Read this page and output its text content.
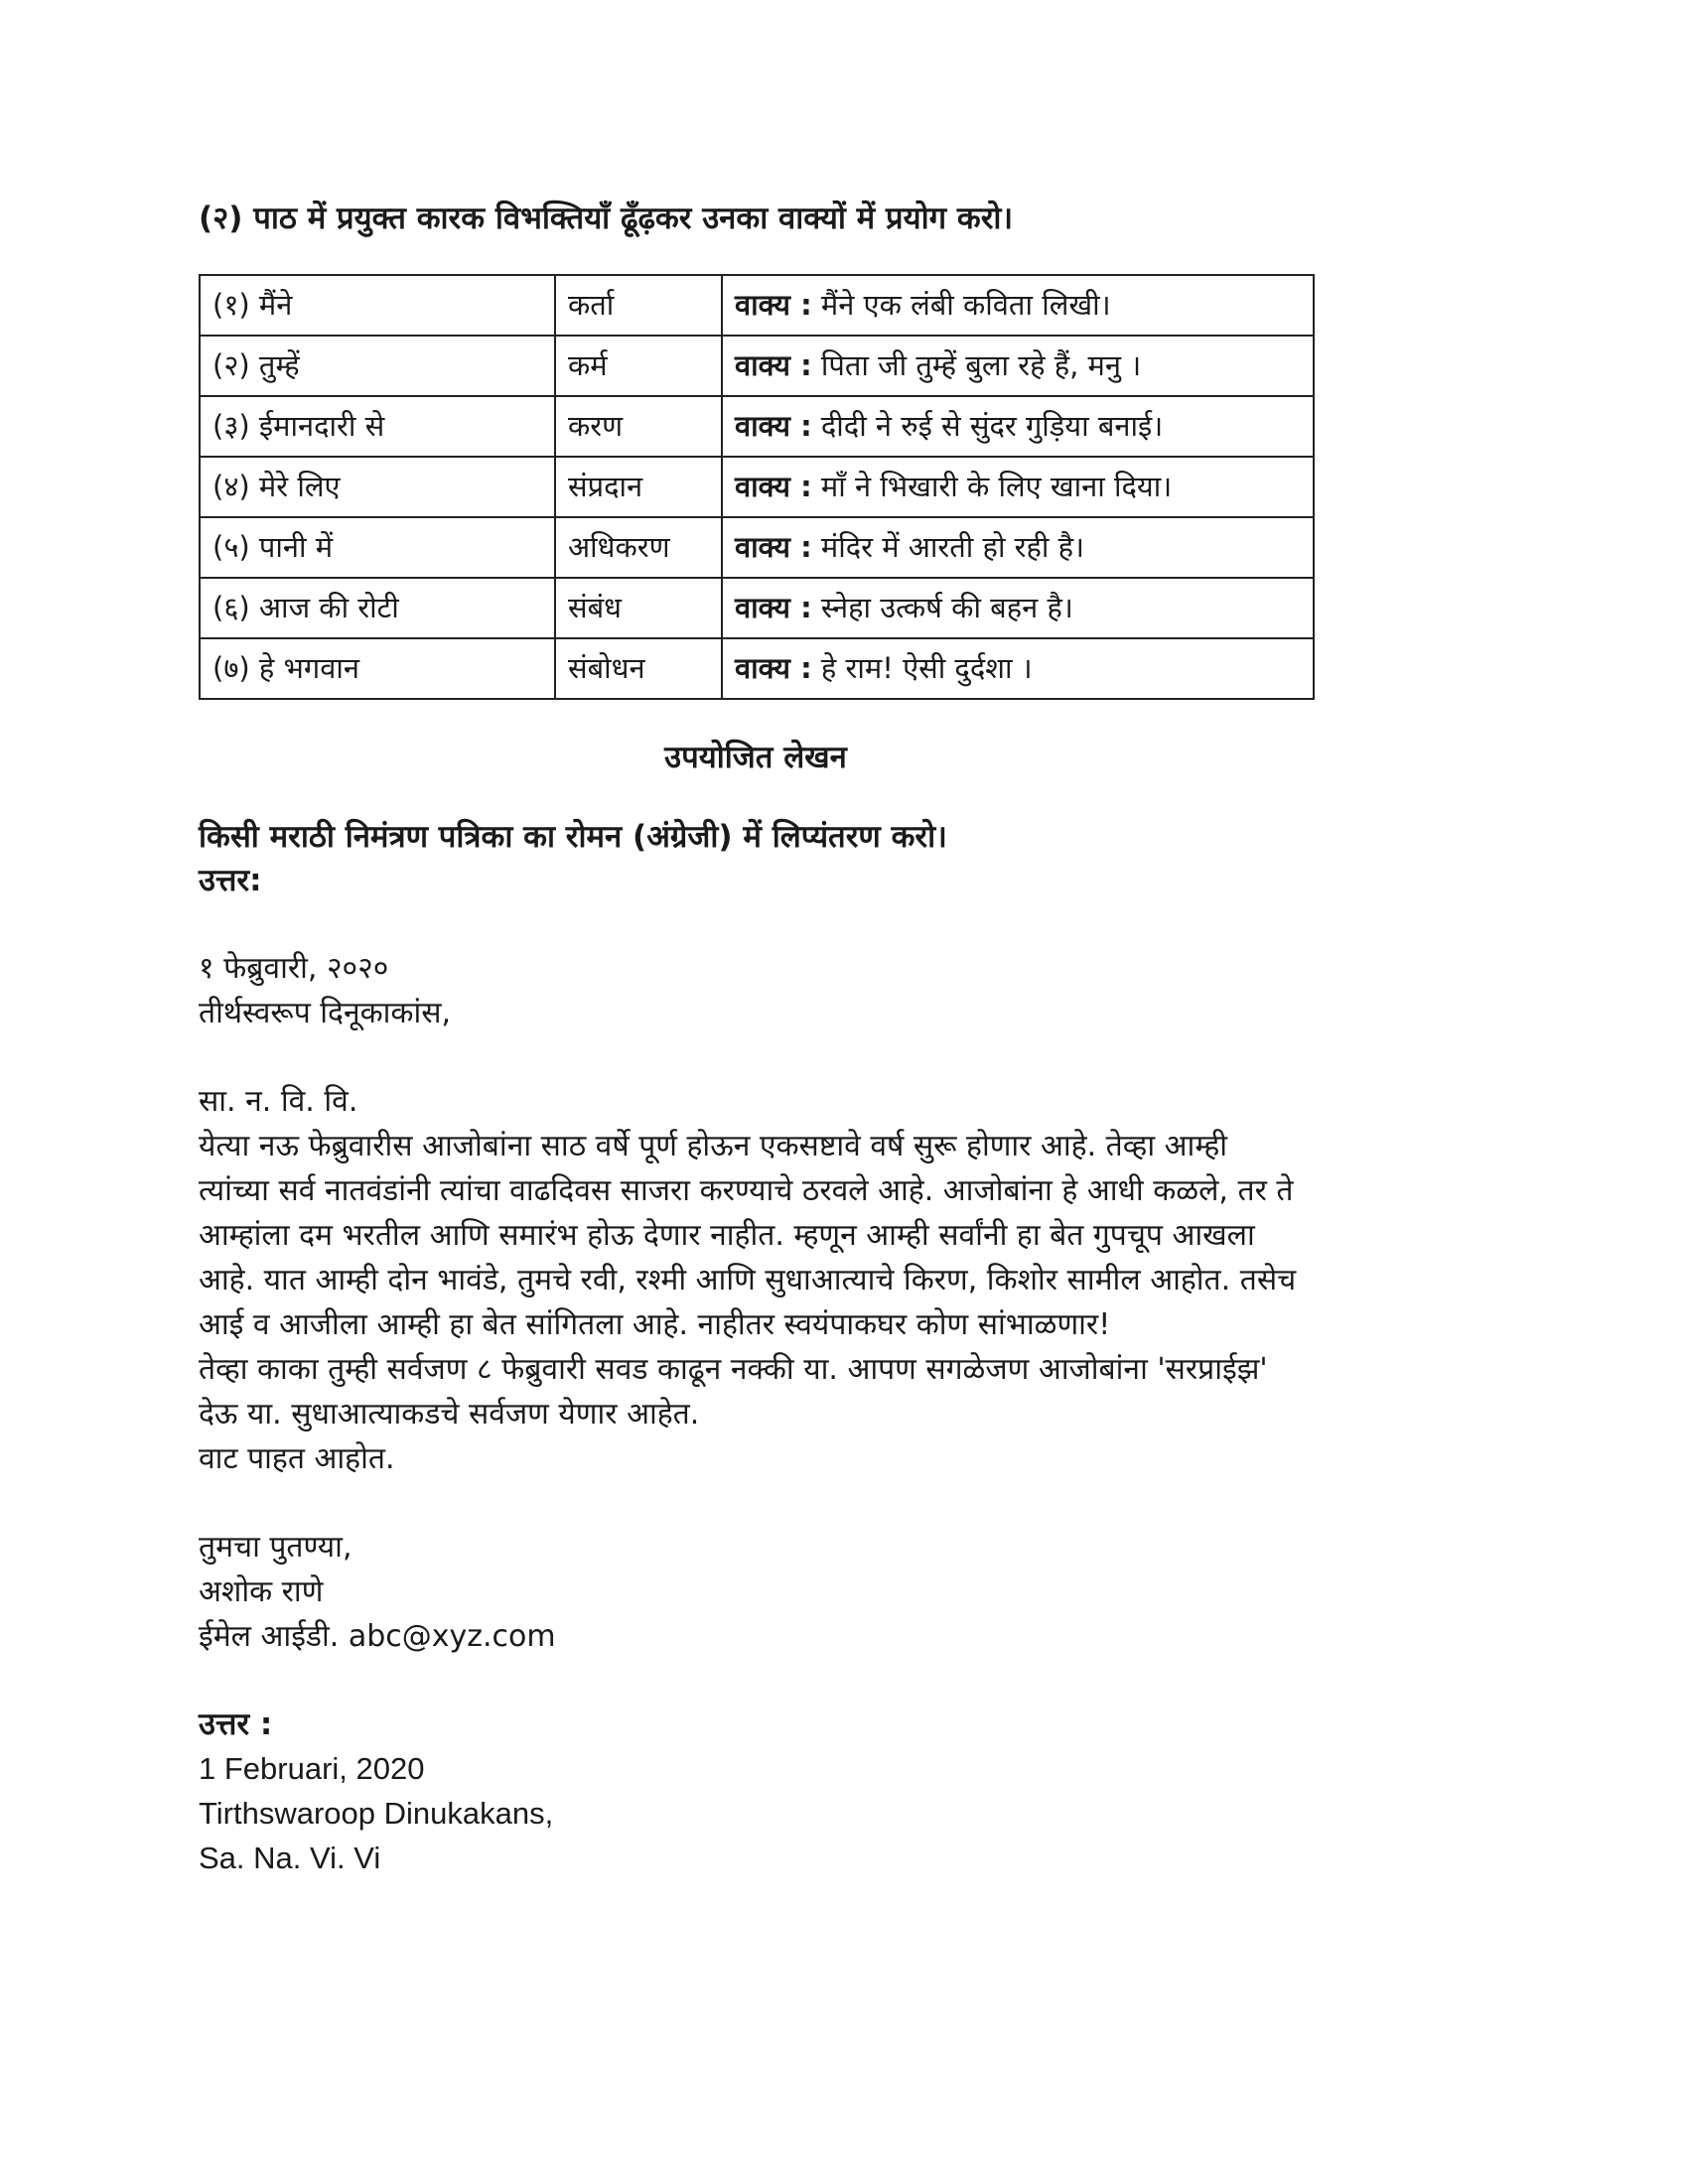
(२) पाठ में प्रयुक्त कारक विभक्तियाँ ढूँढ़कर उनका वाक्यों में प्रयोग करो।

(१) मैंने	कर्ता	वाक्य : मैंने एक लंबी कविता लिखी।
(२) तुम्हें	कर्म	वाक्य : पिता जी तुम्हें बुला रहे हैं, मनु ।
(३) ईमानदारी से	करण	वाक्य : दीदी ने रुई से सुंदर गुड़िया बनाई।
(४) मेरे लिए	संप्रदान	वाक्य : माँ ने भिखारी के लिए खाना दिया।
(५) पानी में	अधिकरण	वाक्य : मंदिर में आरती हो रही है।
(६) आज की रोटी	संबंध	वाक्य : स्नेहा उत्कर्ष की बहन है।
(७) हे भगवान	संबोधन	वाक्य : हे राम! ऐसी दुर्दशा ।
उपयोजित लेखन
किसी मराठी निमंत्रण पत्रिका का रोमन (अंग्रेजी) में लिप्यंतरण करो।
उत्तर:
१ फेब्रुवारी, २०२०
तीर्थस्वरूप दिनूकाकांस,
सा. न. वि. वि.
येत्या नऊ फेब्रुवारीस आजोबांना साठ वर्षे पूर्ण होऊन एकसष्टावे वर्ष सुरू होणार आहे. तेव्हा आम्ही
त्यांच्या सर्व नातवंडांनी त्यांचा वाढदिवस साजरा करण्याचे ठरवले आहे. आजोबांना हे आधी कळले, तर ते
आम्हांला दम भरतील आणि समारंभ होऊ देणार नाहीत. म्हणून आम्ही सर्वांनी हा बेत गुपचूप आखला
आहे. यात आम्ही दोन भावंडे, तुमचे रवी, रश्मी आणि सुधाआत्याचे किरण, किशोर सामील आहोत. तसेच
आई व आजीला आम्ही हा बेत सांगितला आहे. नाहीतर स्वयंपाकघर कोण सांभाळणार!
तेव्हा काका तुम्ही सर्वजण ८ फेब्रुवारी सवड काढून नक्की या. आपण सगळेजण आजोबांना 'सरप्राईझ'
देऊ या. सुधाआत्याकडचे सर्वजण येणार आहेत.
वाट पाहत आहोत.
तुमचा पुतण्या,
अशोक राणे
ईमेल आईडी. abc@xyz.com
उत्तर :
1 Februari, 2020
Tirthswaroop Dinukakans,
Sa. Na. Vi. Vi
